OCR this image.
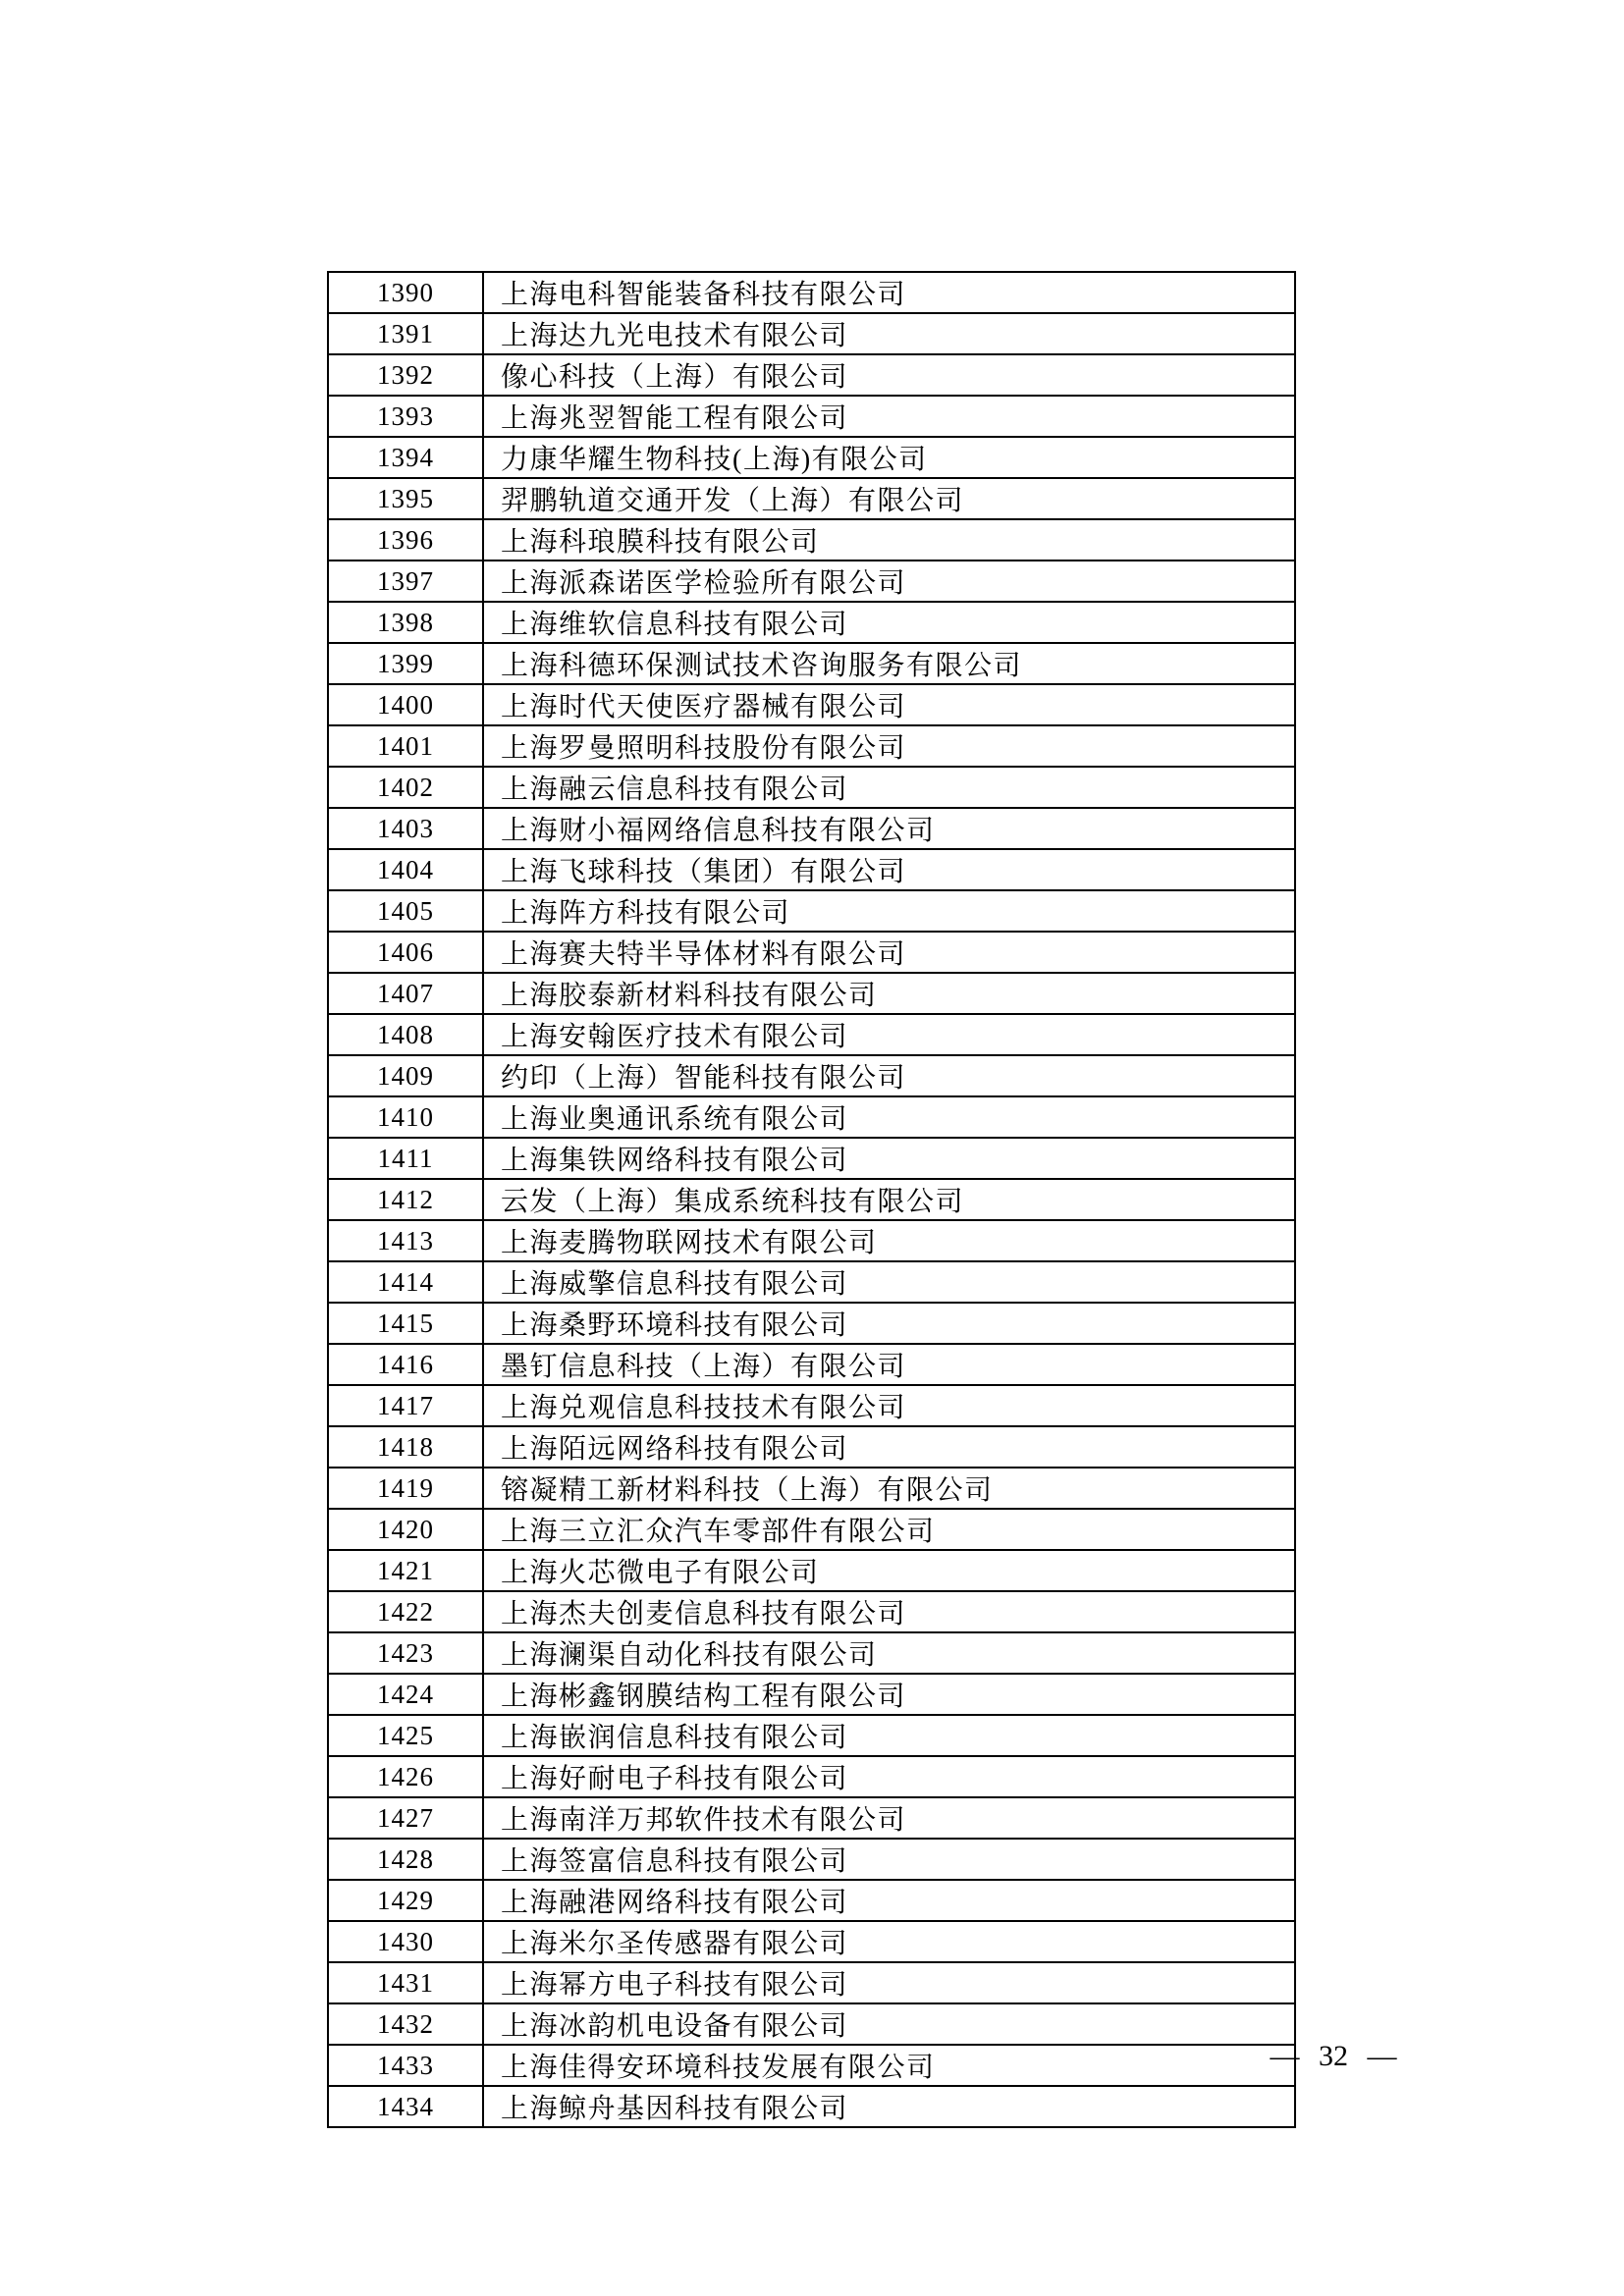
1390	上海电科智能装备科技有限公司
1391	上海达九光电技术有限公司
1392	像心科技（上海）有限公司
1393	上海兆翌智能工程有限公司
1394	力康华耀生物科技(上海)有限公司
1395	羿鹏轨道交通开发（上海）有限公司
1396	上海科琅膜科技有限公司
1397	上海派森诺医学检验所有限公司
1398	上海维软信息科技有限公司
1399	上海科德环保测试技术咨询服务有限公司
1400	上海时代天使医疗器械有限公司
1401	上海罗曼照明科技股份有限公司
1402	上海融云信息科技有限公司
1403	上海财小福网络信息科技有限公司
1404	上海飞球科技（集团）有限公司
1405	上海阵方科技有限公司
1406	上海赛夫特半导体材料有限公司
1407	上海胶泰新材料科技有限公司
1408	上海安翰医疗技术有限公司
1409	约印（上海）智能科技有限公司
1410	上海业奥通讯系统有限公司
1411	上海集铁网络科技有限公司
1412	云发（上海）集成系统科技有限公司
1413	上海麦腾物联网技术有限公司
1414	上海威擎信息科技有限公司
1415	上海桑野环境科技有限公司
1416	墨钉信息科技（上海）有限公司
1417	上海兑观信息科技技术有限公司
1418	上海陌远网络科技有限公司
1419	镕凝精工新材料科技（上海）有限公司
1420	上海三立汇众汽车零部件有限公司
1421	上海火芯微电子有限公司
1422	上海杰夫创麦信息科技有限公司
1423	上海澜渠自动化科技有限公司
1424	上海彬鑫钢膜结构工程有限公司
1425	上海嵌润信息科技有限公司
1426	上海好耐电子科技有限公司
1427	上海南洋万邦软件技术有限公司
1428	上海签富信息科技有限公司
1429	上海融港网络科技有限公司
1430	上海米尔圣传感器有限公司
1431	上海幂方电子科技有限公司
1432	上海冰韵机电设备有限公司
1433	上海佳得安环境科技发展有限公司
1434	上海鲸舟基因科技有限公司
— 32 —
